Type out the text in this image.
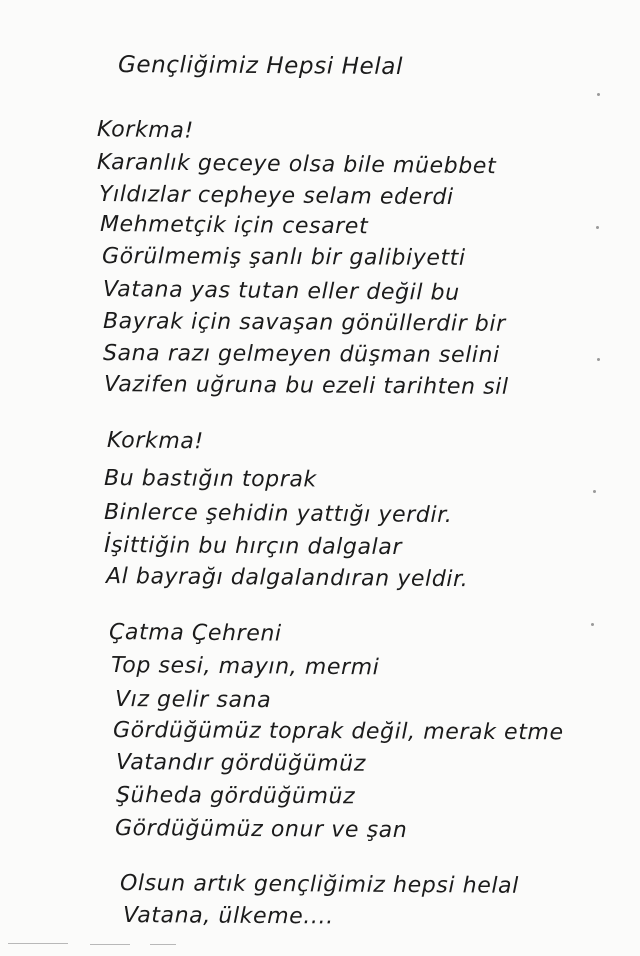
Gençliğimiz Hepsi Helal
Korkma!
Karanlık geceye olsa bile müebbet
Yıldızlar cepheye selam ederdi
Mehmetçik için cesaret
Görülmemiş şanlı bir galibiyetti
Vatana yas tutan eller değil bu
Bayrak için savaşan gönüllerdir bir
Sana razı gelmeyen düşman selini
Vazifen uğruna bu ezeli tarihten sil
Korkma!
Bu bastığın toprak
Binlerce şehidin yattığı yerdir.
İşittiğin bu hırçın dalgalar
Al bayrağı dalgalandıran yeldir.
Çatma Çehreni
Top sesi, mayın, mermi
Vız gelir sana
Gördüğümüz toprak değil, merak etme
Vatandır gördüğümüz
Şüheda gördüğümüz
Gördüğümüz onur ve şan
Olsun artık gençliğimiz hepsi helal
Vatana, ülkeme....
